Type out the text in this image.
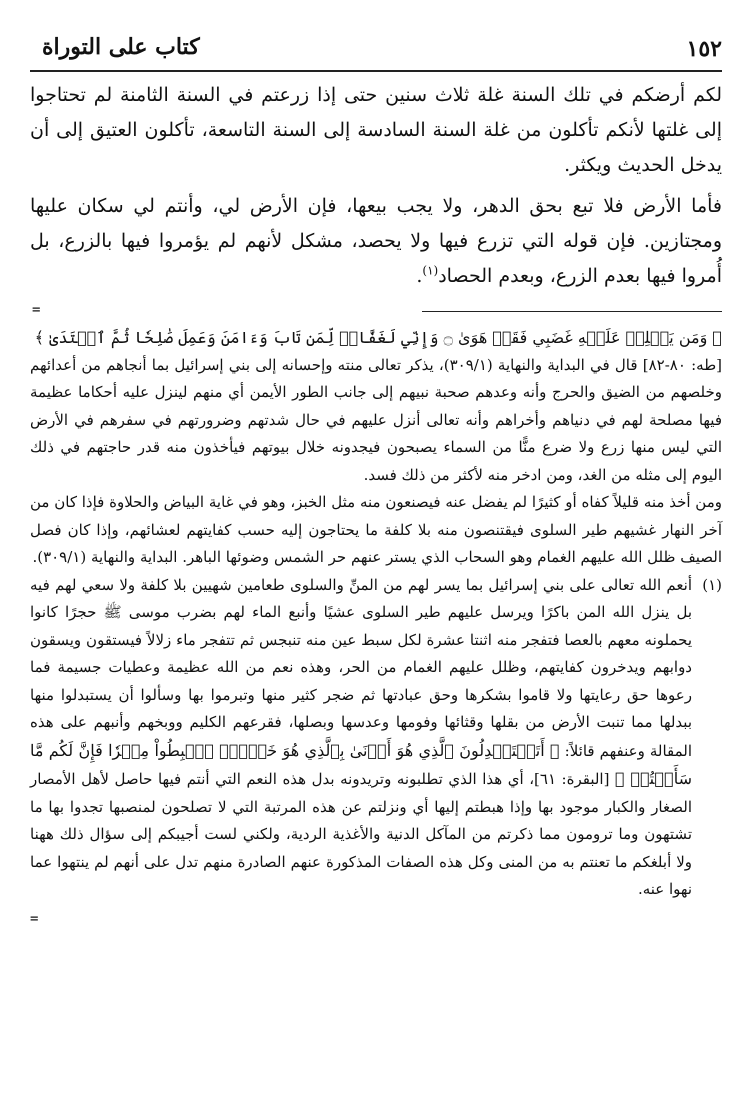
١٥٢
كتاب على التوراة

لكم أرضكم في تلك السنة غلة ثلاث سنين حتى إذا زرعتم في السنة الثامنة لم تحتاجوا إلى غلتها لأنكم تأكلون من غلة السنة السادسة إلى السنة التاسعة، تأكلون العتيق إلى أن يدخل الحديث ويكثر.

فأما الأرض فلا تبع بحق الدهر، ولا يجب بيعها، فإن الأرض لي، وأنتم لي سكان عليها ومجتازين. فإن قوله التي تزرع فيها ولا يحصد، مشكل لأنهم لم يؤمروا فيها بالزرع، بل أُمروا فيها بعدم الزرع، وبعدم الحصاد$^{(١)}$.

=

﴿ وَمَن يَحۡلِلۡ عَلَيۡهِ غَضَبِي فَقَدۡ هَوَىٰ ۝ وَإِنِّي لَغَفَّارٞ لِّمَن تَابَ وَءَامَنَ وَعَمِلَ صَٰلِحٗا ثُمَّ ٱهۡتَدَىٰ ﴾

[طه: ٨٠-٨٢] قال في البداية والنهاية (٣٠٩/١)، يذكر تعالى منته وإحسانه إلى بني إسرائيل بما أنجاهم من أعدائهم وخلصهم من الضيق والحرج وأنه وعدهم صحبة نبيهم إلى جانب الطور الأيمن أي منهم لينزل عليه أحكاما عظيمة فيها مصلحة لهم في دنياهم وأخراهم وأنه تعالى أنزل عليهم في حال شدتهم وضرورتهم في سفرهم في الأرض التي ليس منها زرع ولا ضرع منًّا من السماء يصبحون فيجدونه خلال بيوتهم فيأخذون منه قدر حاجتهم في ذلك اليوم إلى مثله من الغد، ومن ادخر منه لأكثر من ذلك فسد.

ومن أخذ منه قليلاً كفاه أو كثيرًا لم يفضل عنه فيصنعون منه مثل الخبز، وهو في غاية البياض والحلاوة فإذا كان من آخر النهار غشيهم طير السلوى فيقتنصون منه بلا كلفة ما يحتاجون إليه حسب كفايتهم لعشائهم، وإذا كان فصل الصيف ظلل الله عليهم الغمام وهو السحاب الذي يستر عنهم حر الشمس وضوئها الباهر. البداية والنهاية (٣٠٩/١).

(١)
أنعم الله تعالى على بني إسرائيل بما يسر لهم من المنِّ والسلوى طعامين شهيين بلا كلفة ولا سعي لهم فيه بل ينزل الله المن باكرًا ويرسل عليهم طير السلوى عشيًا وأنبع الماء لهم بضرب موسى ﷺ حجرًا كانوا يحملونه معهم بالعصا فتفجر منه اثنتا عشرة لكل سبط عين منه تنبجس ثم تتفجر ماء زلالاً فيستقون ويسقون دوابهم ويدخرون كفايتهم، وظلل عليهم الغمام من الحر، وهذه نعم من الله عظيمة وعطيات جسيمة فما رعوها حق رعايتها ولا قاموا بشكرها وحق عبادتها ثم ضجر كثير منها وتبرموا بها وسألوا أن يستبدلوا منها ببدلها مما تنبت الأرض من بقلها وقثائها وفومها وعدسها وبصلها، فقرعهم الكليم ووبخهم وأنبهم على هذه المقالة وعنفهم قائلاً: ﴿ أَتَسۡتَبۡدِلُونَ ٱلَّذِي هُوَ أَدۡنَىٰ بِٱلَّذِي هُوَ خَيۡرٌۚ ٱهۡبِطُواْ مِصۡرٗا فَإِنَّ لَكُم مَّا سَأَلۡتُمۡ ﴾ [البقرة: ٦١]، أي هذا الذي تطلبونه وتريدونه بدل هذه النعم التي أنتم فيها حاصل لأهل الأمصار الصغار والكبار موجود بها وإذا هبطتم إليها أي ونزلتم عن هذه المرتبة التي لا تصلحون لمنصبها تجدوا بها ما تشتهون وما ترومون مما ذكرتم من المآكل الدنية والأغذية الردية، ولكني لست أجيبكم إلى سؤال ذلك ههنا ولا أبلغكم ما تعنتم به من المنى وكل هذه الصفات المذكورة عنهم الصادرة منهم تدل على أنهم لم ينتهوا عما نهوا عنه.
=
